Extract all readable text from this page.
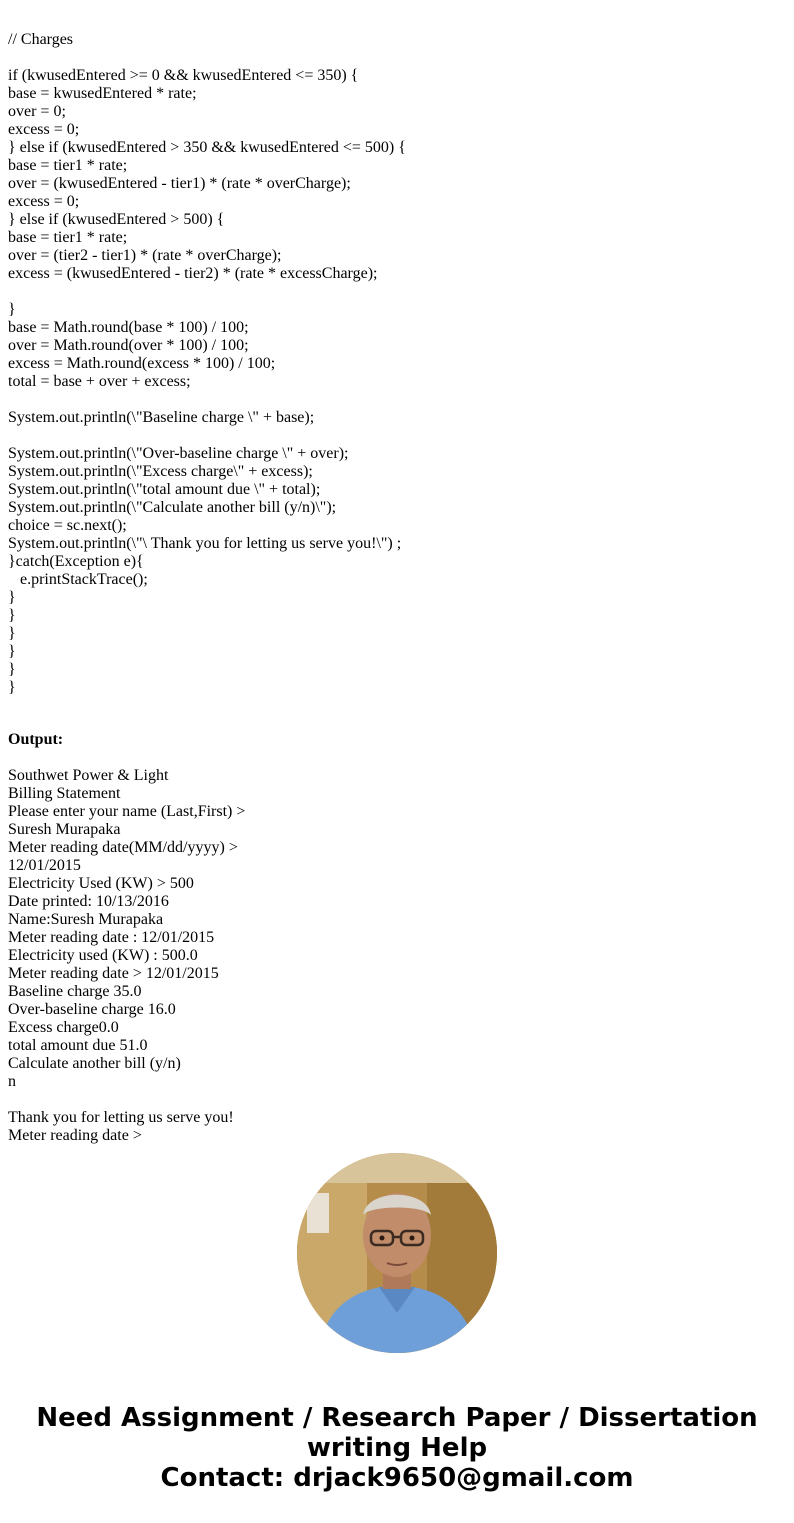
// Charges
if (kwusedEntered >= 0 && kwusedEntered <= 350) {
base = kwusedEntered * rate;
over = 0;
excess = 0;
} else if (kwusedEntered > 350 && kwusedEntered <= 500) {
base = tier1 * rate;
over = (kwusedEntered - tier1) * (rate * overCharge);
excess = 0;
} else if (kwusedEntered > 500) {
base = tier1 * rate;
over = (tier2 - tier1) * (rate * overCharge);
excess = (kwusedEntered - tier2) * (rate * excessCharge);
}
base = Math.round(base * 100) / 100;
over = Math.round(over * 100) / 100;
excess = Math.round(excess * 100) / 100;
total = base + over + excess;
System.out.println(\"Baseline charge \" + base);
System.out.println(\"Over-baseline charge \" + over);
System.out.println(\"Excess charge\" + excess);
System.out.println(\"total amount due \" + total);
System.out.println(\"Calculate another bill (y/n)\");
choice = sc.next();
System.out.println(\"\ Thank you for letting us serve you!\") ;
}catch(Exception e){
e.printStackTrace();
}
}
}
}
}
}
Output:
Southwet Power & Light
Billing Statement
Please enter your name (Last,First) >
Suresh Murapaka
Meter reading date(MM/dd/yyyy) >
12/01/2015
Electricity Used (KW) > 500
Date printed: 10/13/2016
Name:Suresh Murapaka
Meter reading date : 12/01/2015
Electricity used (KW) : 500.0
Meter reading date > 12/01/2015
Baseline charge 35.0
Over-baseline charge 16.0
Excess charge0.0
total amount due 51.0
Calculate another bill (y/n)
n
Thank you for letting us serve you!
Meter reading date >
Need Assignment / Research Paper / Dissertation
writing Help
Contact: drjack9650@gmail.com
